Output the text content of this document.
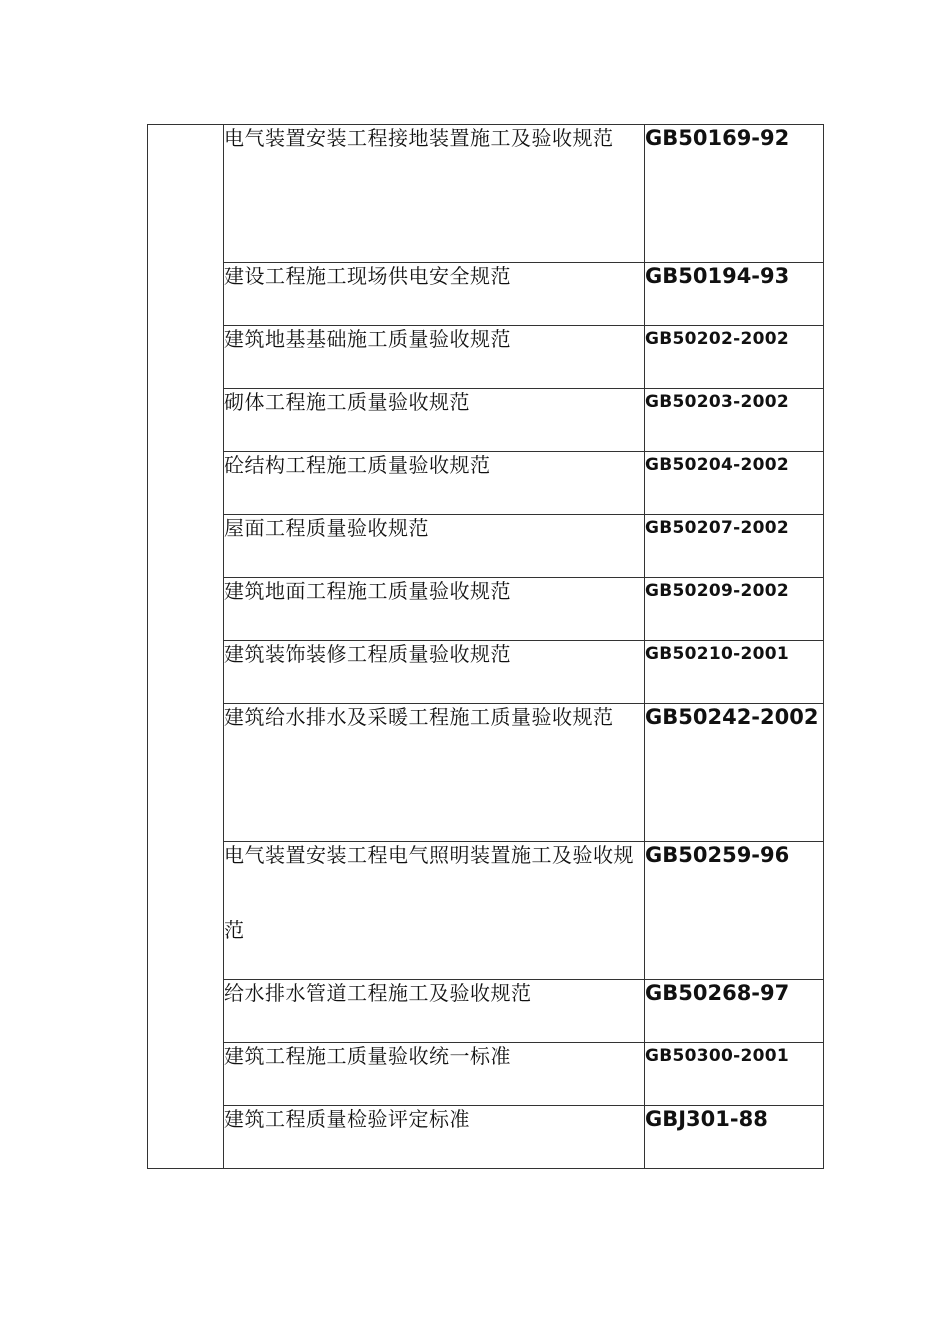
	电气装置安装工程接地装置施工及验收规范	GB50169-92

	建设工程施工现场供电安全规范	GB50194-93

	建筑地基基础施工质量验收规范	GB50202-2002

	砌体工程施工质量验收规范	GB50203-2002

	砼结构工程施工质量验收规范	GB50204-2002

	屋面工程质量验收规范	GB50207-2002

	建筑地面工程施工质量验收规范	GB50209-2002

	建筑装饰装修工程质量验收规范	GB50210-2001

	建筑给水排水及采暖工程施工质量验收规范	GB50242-2002

	电气装置安装工程电气照明装置施工及验收规范	GB50259-96

	给水排水管道工程施工及验收规范	GB50268-97

	建筑工程施工质量验收统一标准	GB50300-2001

	建筑工程质量检验评定标准	GBJ301-88
